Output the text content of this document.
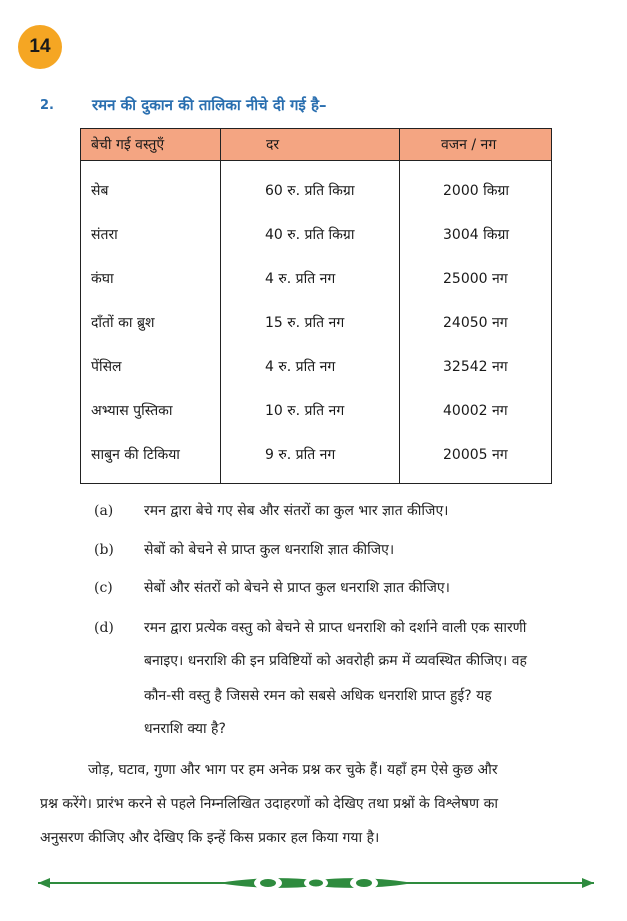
14
2.	रमन की दुकान की तालिका नीचे दी गई है–
बेची गई वस्तुएँ	दर	वजन / नग
सेब	60 रु. प्रति किग्रा	2000 किग्रा
संतरा	40 रु. प्रति किग्रा	3004 किग्रा
कंघा	4 रु. प्रति नग	25000 नग
दाँतों का ब्रुश	15 रु. प्रति नग	24050 नग
पेंसिल	4 रु. प्रति नग	32542 नग
अभ्यास पुस्तिका	10 रु. प्रति नग	40002 नग
साबुन की टिकिया	9 रु. प्रति नग	20005 नग
(a) रमन द्वारा बेचे गए सेब और संतरों का कुल भार ज्ञात कीजिए।
(b) सेबों को बेचने से प्राप्त कुल धनराशि ज्ञात कीजिए।
(c) सेबों और संतरों को बेचने से प्राप्त कुल धनराशि ज्ञात कीजिए।
(d) रमन द्वारा प्रत्येक वस्तु को बेचने से प्राप्त धनराशि को दर्शाने वाली एक सारणी
बनाइए। धनराशि की इन प्रविष्टियों को अवरोही क्रम में व्यवस्थित कीजिए। वह
कौन-सी वस्तु है जिससे रमन को सबसे अधिक धनराशि प्राप्त हुई? यह
धनराशि क्या है?
जोड़, घटाव, गुणा और भाग पर हम अनेक प्रश्न कर चुके हैं। यहाँ हम ऐसे कुछ और
प्रश्न करेंगे। प्रारंभ करने से पहले निम्नलिखित उदाहरणों को देखिए तथा प्रश्नों के विश्लेषण का
अनुसरण कीजिए और देखिए कि इन्हें किस प्रकार हल किया गया है।
